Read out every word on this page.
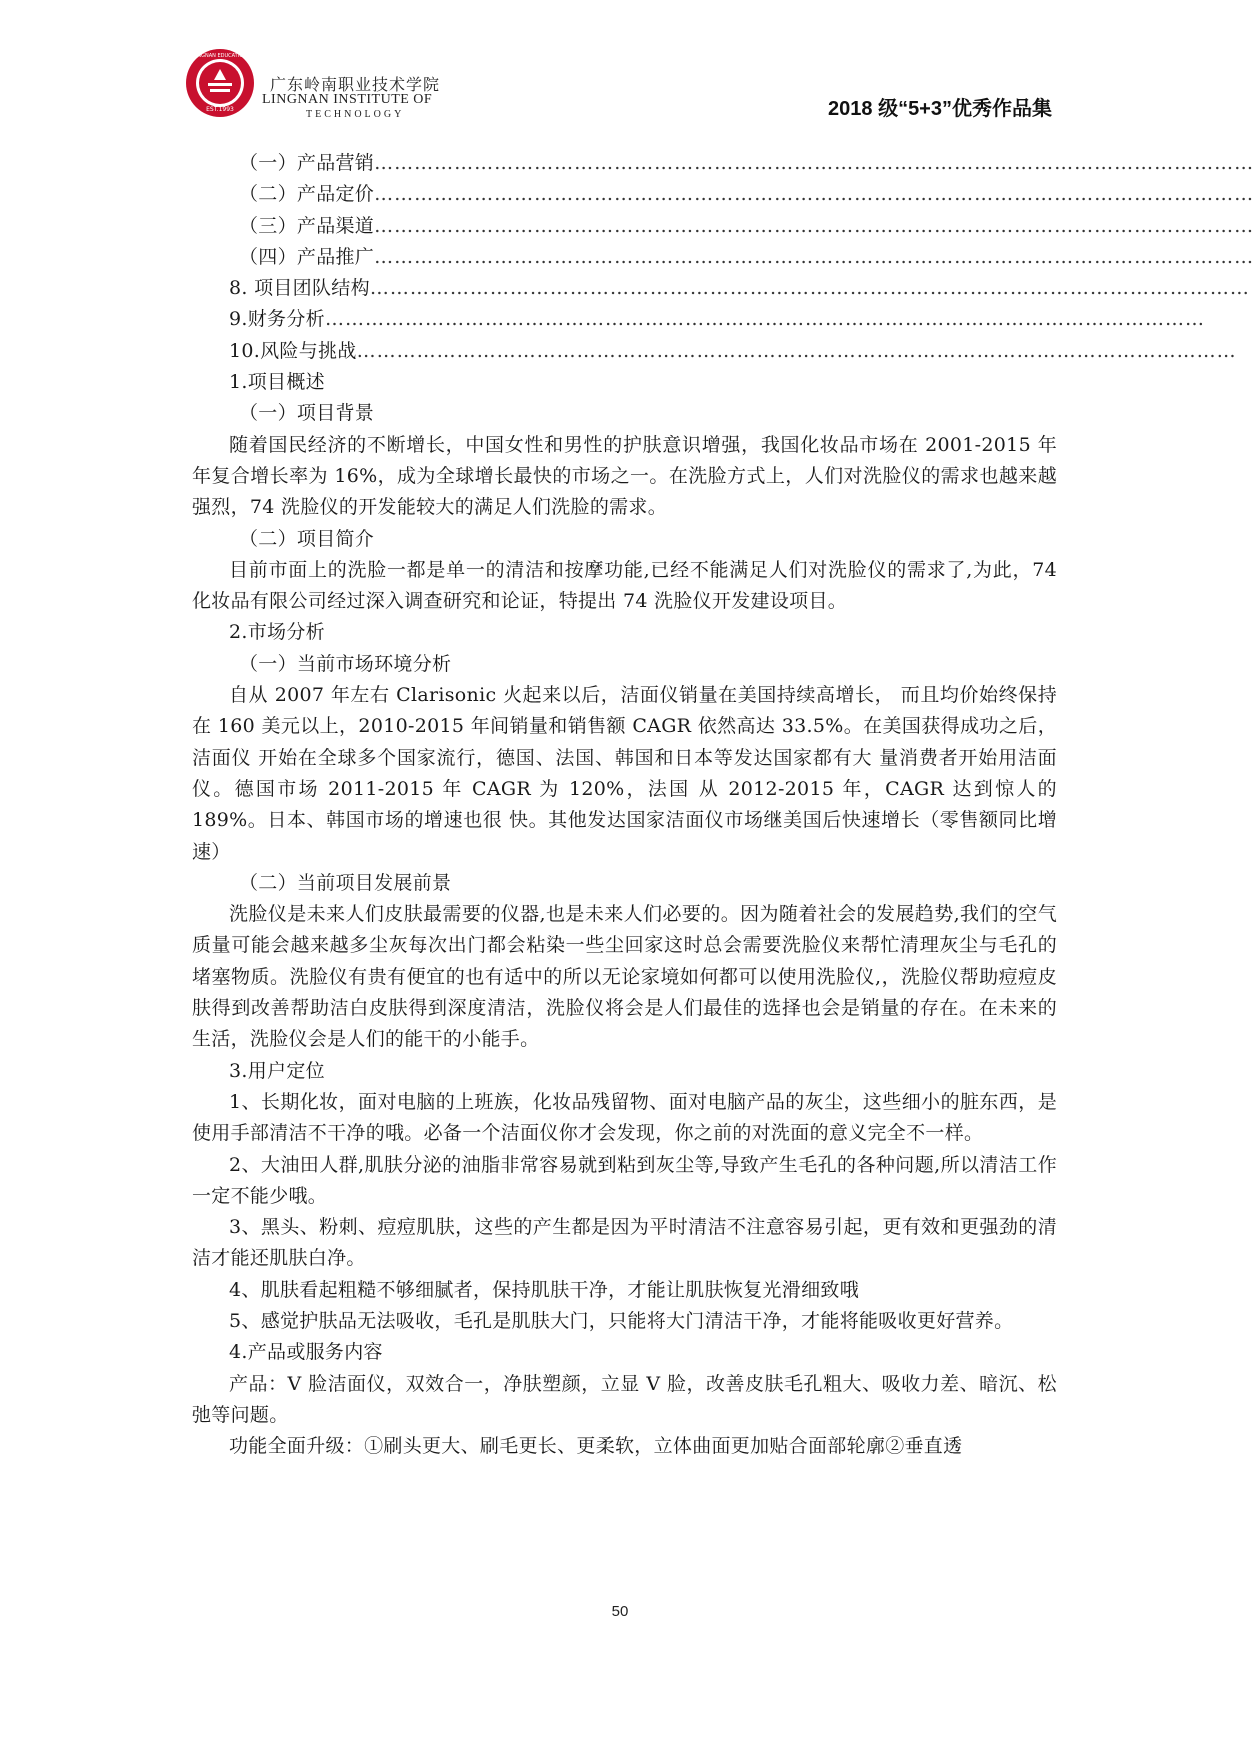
EST.1993
LINGNAN EDUCATION
广东岭南职业技术学院
LINGNAN INSTITUTE OF
TECHNOLOGY	2018 级“5+3”优秀作品集
（一）产品营销 ……………………………………………………………………………………………………………………
（二）产品定价 ……………………………………………………………………………………………………………………
（三）产品渠道 ……………………………………………………………………………………………………………………
（四）产品推广 ……………………………………………………………………………………………………………………
8. 项目团队结构 ……………………………………………………………………………………………………………………
9.财务分析 ……………………………………………………………………………………………………………………
10.风险与挑战 ……………………………………………………………………………………………………………………
1.项目概述
（一）项目背景

随着国民经济的不断增长，中国女性和男性的护肤意识增强，我国化妆品市场在 2001-2015 年年复合增长率为 16%，成为全球增长最快的市场之一。在洗脸方式上，人们对洗脸仪的需求也越来越强烈，74 洗脸仪的开发能较大的满足人们洗脸的需求。

（二）项目简介

目前市面上的洗脸一都是单一的清洁和按摩功能,已经不能满足人们对洗脸仪的需求了,为此，74 化妆品有限公司经过深入调查研究和论证，特提出 74 洗脸仪开发建设项目。

2.市场分析
（一）当前市场环境分析

自从 2007 年左右 Clarisonic 火起来以后，洁面仪销量在美国持续高增长， 而且均价始终保持在 160 美元以上，2010-2015 年间销量和销售额 CAGR 依然高达 33.5%。在美国获得成功之后，洁面仪 开始在全球多个国家流行，德国、法国、韩国和日本等发达国家都有大 量消费者开始用洁面仪。德国市场 2011-2015 年 CAGR 为 120%，法国 从 2012-2015 年，CAGR 达到惊人的 189%。日本、韩国市场的增速也很 快。其他发达国家洁面仪市场继美国后快速增长（零售额同比增速）

（二）当前项目发展前景

洗脸仪是未来人们皮肤最需要的仪器,也是未来人们必要的。因为随着社会的发展趋势,我们的空气质量可能会越来越多尘灰每次出门都会粘染一些尘回家这时总会需要洗脸仪来帮忙清理灰尘与毛孔的堵塞物质。洗脸仪有贵有便宜的也有适中的所以无论家境如何都可以使用洗脸仪,，洗脸仪帮助痘痘皮肤得到改善帮助洁白皮肤得到深度清洁，洗脸仪将会是人们最佳的选择也会是销量的存在。在未来的生活，洗脸仪会是人们的能干的小能手。

3.用户定位

1、长期化妆，面对电脑的上班族，化妆品残留物、面对电脑产品的灰尘，这些细小的脏东西，是使用手部清洁不干净的哦。必备一个洁面仪你才会发现，你之前的对洗面的意义完全不一样。

2、大油田人群,肌肤分泌的油脂非常容易就到粘到灰尘等,导致产生毛孔的各种问题,所以清洁工作一定不能少哦。

3、黑头、粉刺、痘痘肌肤，这些的产生都是因为平时清洁不注意容易引起，更有效和更强劲的清洁才能还肌肤白净。

4、肌肤看起粗糙不够细腻者，保持肌肤干净，才能让肌肤恢复光滑细致哦

5、感觉护肤品无法吸收，毛孔是肌肤大门，只能将大门清洁干净，才能将能吸收更好营养。

4.产品或服务内容

产品：V 脸洁面仪，双效合一，净肤塑颜，立显 V 脸，改善皮肤毛孔粗大、吸收力差、暗沉、松弛等问题。

功能全面升级：①刷头更大、刷毛更长、更柔软，立体曲面更加贴合面部轮廓②垂直透

50
